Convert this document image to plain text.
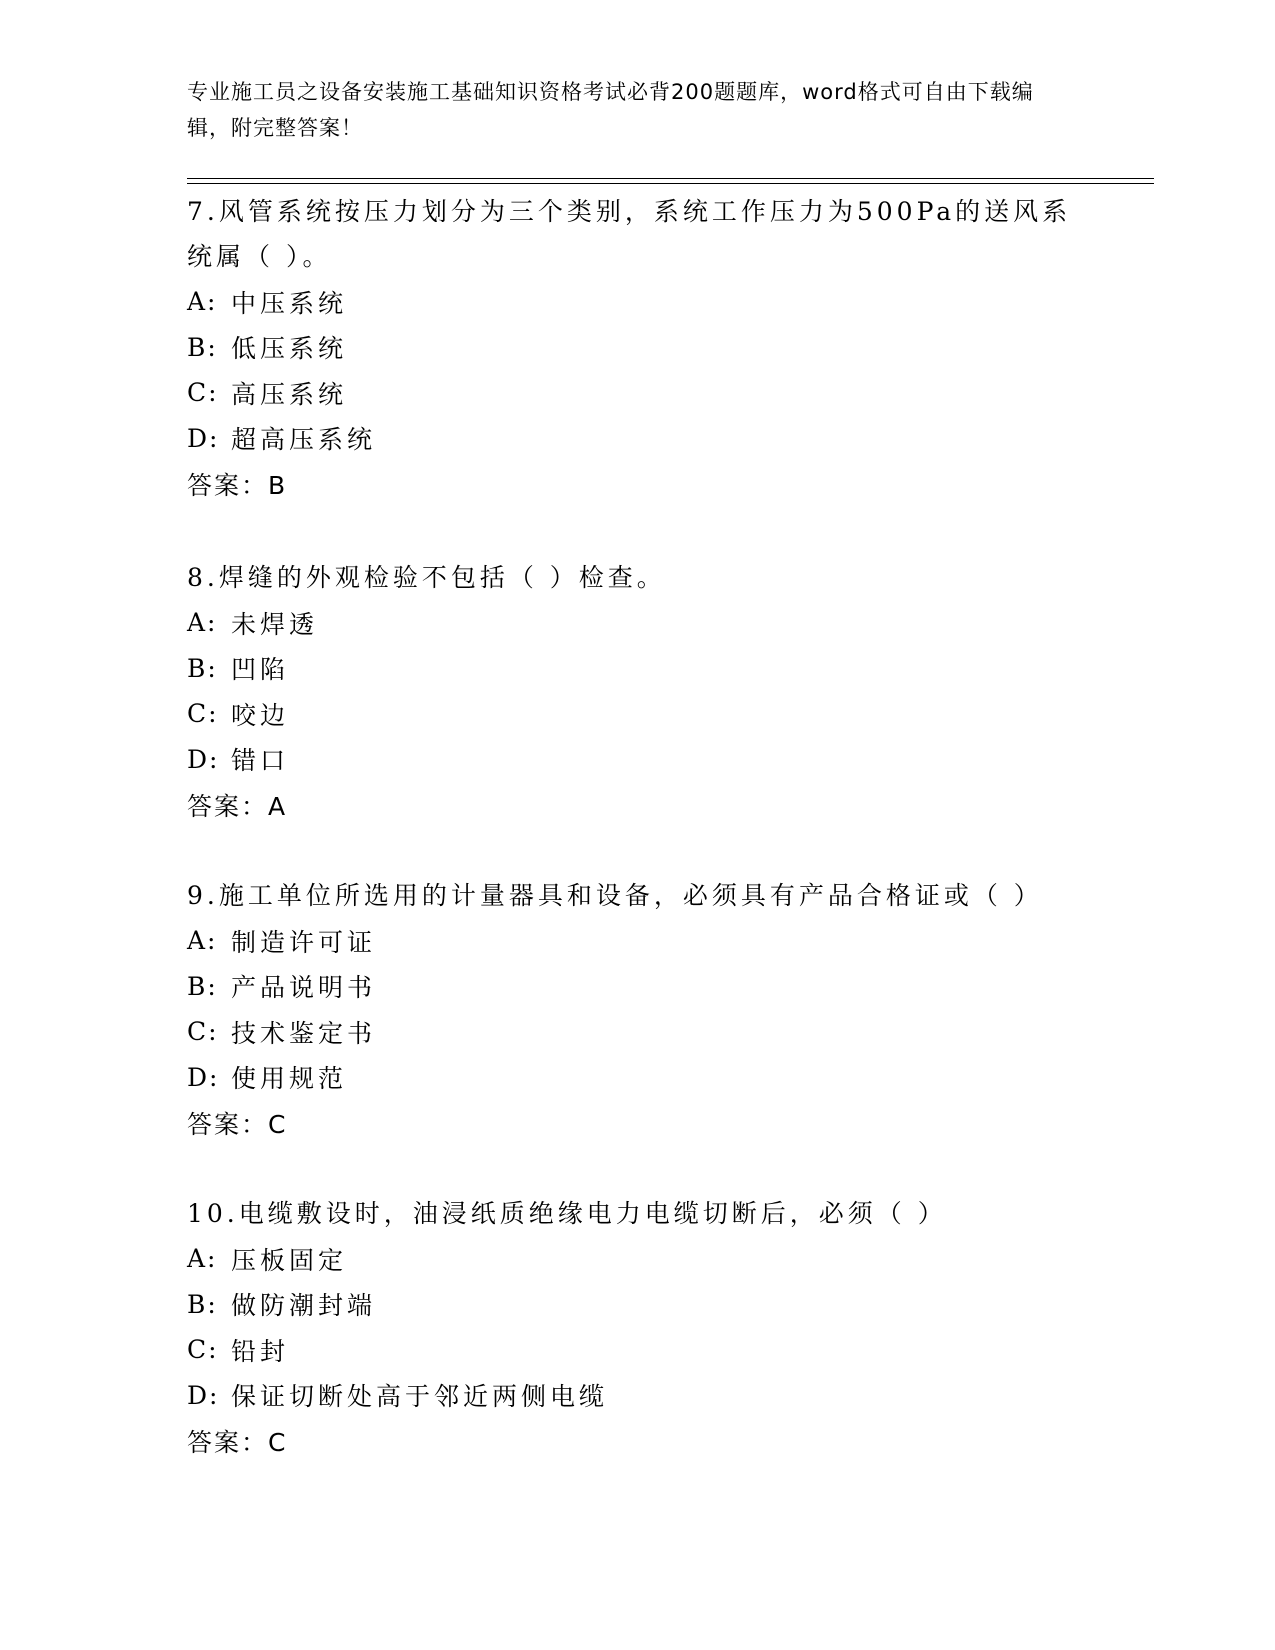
专业施工员之设备安装施工基础知识资格考试必背200题题库，word格式可自由下载编辑，附完整答案！
7.风管系统按压力划分为三个类别，系统工作压力为500Pa的送风系统属（ ）。
A: 中压系统
B: 低压系统
C: 高压系统
D: 超高压系统
答案：B
8.焊缝的外观检验不包括（ ）检查。
A: 未焊透
B: 凹陷
C: 咬边
D: 错口
答案：A
9.施工单位所选用的计量器具和设备，必须具有产品合格证或（ ）
A: 制造许可证
B: 产品说明书
C: 技术鉴定书
D: 使用规范
答案：C
10.电缆敷设时，油浸纸质绝缘电力电缆切断后，必须（ ）
A: 压板固定
B: 做防潮封端
C: 铅封
D: 保证切断处高于邻近两侧电缆
答案：C
